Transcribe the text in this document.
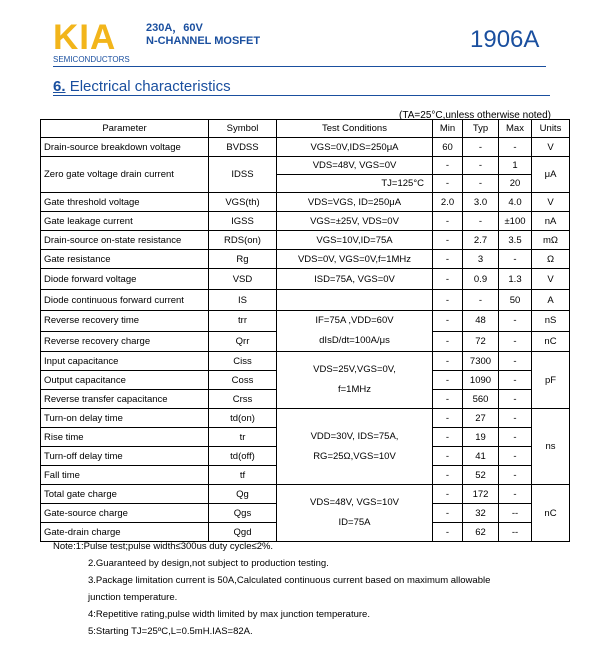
KIA
SEMICONDUCTORS
230A，60V
N-CHANNEL MOSFET	1906A
6. Electrical characteristics
(TA=25°C,unless otherwise noted)
Parameter	Symbol	Test Conditions	Min	Typ	Max	Units
Drain-source breakdown voltage	BVDSS	VGS=0V,IDS=250μA	60	-	-	V
Zero gate voltage drain current	IDSS	VDS=48V, VGS=0V	-	-	1	μA
		TJ=125°C	-	-	20	
Gate threshold voltage	VGS(th)	VDS=VGS, ID=250μA	2.0	3.0	4.0	V
Gate leakage current	IGSS	VGS=±25V, VDS=0V	-	-	±100	nA
Drain-source on-state resistance	RDS(on)	VGS=10V,ID=75A	-	2.7	3.5	mΩ
Gate resistance	Rg	VDS=0V, VGS=0V,f=1MHz	-	3	-	Ω
Diode forward voltage	VSD	ISD=75A, VGS=0V	-	0.9	1.3	V
Diode continuous forward current	IS		-	-	50	A
Reverse recovery time	trr	IF=75A ,VDD=60V
dIsD/dt=100A/μs	-	48	-	nS
Reverse recovery charge	Qrr		-	72	-	nC
Input capacitance	Ciss	VDS=25V,VGS=0V,
f=1MHz	-	7300	-	pF
Output capacitance	Coss		-	1090	-	
Reverse transfer capacitance	Crss		-	560	-	
Turn-on delay time	td(on)	VDD=30V, IDS=75A,
RG=25Ω,VGS=10V	-	27	-	ns
Rise time	tr		-	19	-	
Turn-off delay time	td(off)		-	41	-	
Fall time	tf		-	52	-	
Total gate charge	Qg	VDS=48V, VGS=10V
ID=75A	-	172	-	nC
Gate-source charge	Qgs		-	32	--	
Gate-drain charge	Qgd		-	62	--	
Note:1:Pulse test;pulse width≤300us duty cycle≤2%.
2.Guaranteed by design,not subject to production testing.
3.Package limitation current is 50A,Calculated continuous current based on maximum allowable
junction temperature.
4:Repetitive rating,pulse width limited by max junction temperature.
5:Starting TJ=25ºC,L=0.5mH.IAS=82A.
